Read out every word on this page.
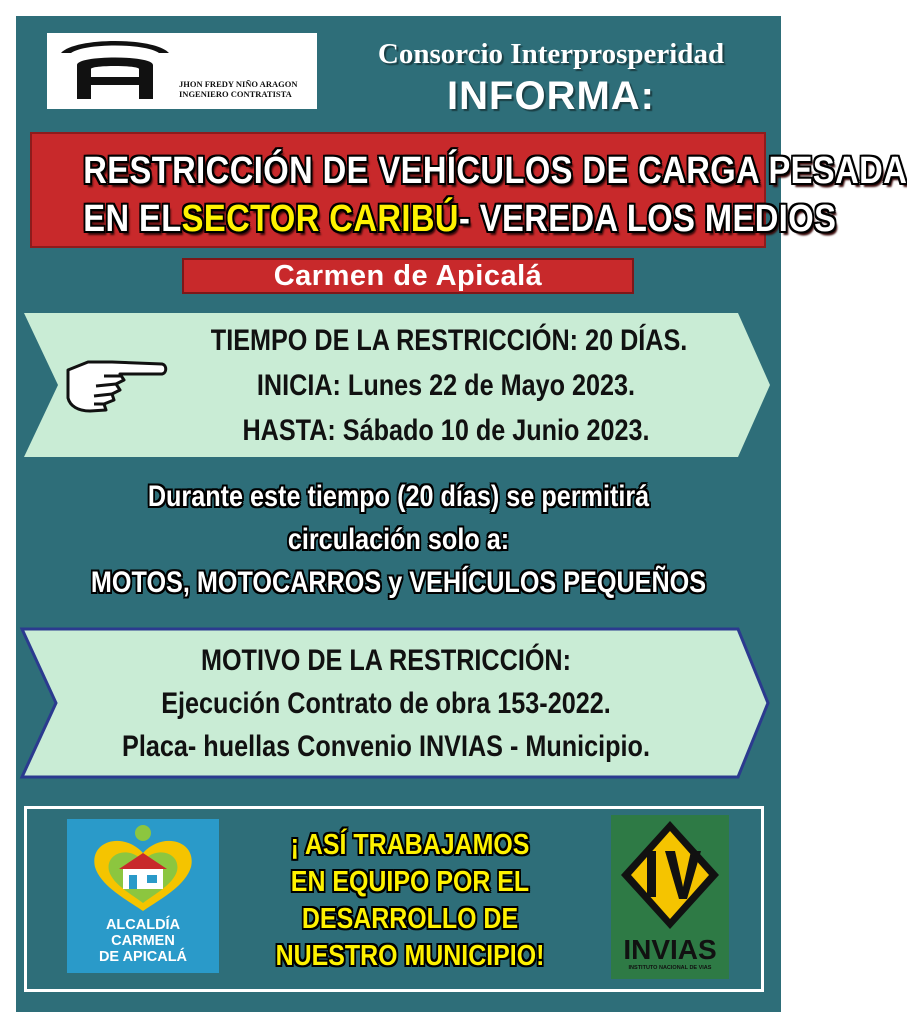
JHON FREDY NIÑO ARAGON
INGENIERO CONTRATISTA
Consorcio Interprosperidad
INFORMA:
RESTRICCIÓN DE VEHÍCULOS DE CARGA PESADA
EN ELSECTOR CARIBÚ- VEREDA LOS MEDIOS
Carmen de Apicalá
TIEMPO DE LA RESTRICCIÓN: 20 DÍAS.
INICIA: Lunes 22 de Mayo 2023.
HASTA: Sábado 10 de Junio 2023.
Durante este tiempo (20 días) se permitirá
circulación solo a:
MOTOS, MOTOCARROS y VEHÍCULOS PEQUEÑOS
MOTIVO DE LA RESTRICCIÓN:
Ejecución Contrato de obra 153-2022.
Placa- huellas Convenio INVIAS - Municipio.
ALCALDÍA
CARMEN
DE APICALÁ
¡ ASÍ TRABAJAMOS
EN EQUIPO POR EL
DESARROLLO DE
NUESTRO MUNICIPIO!	INVIAS
INSTITUTO NACIONAL DE VIAS
